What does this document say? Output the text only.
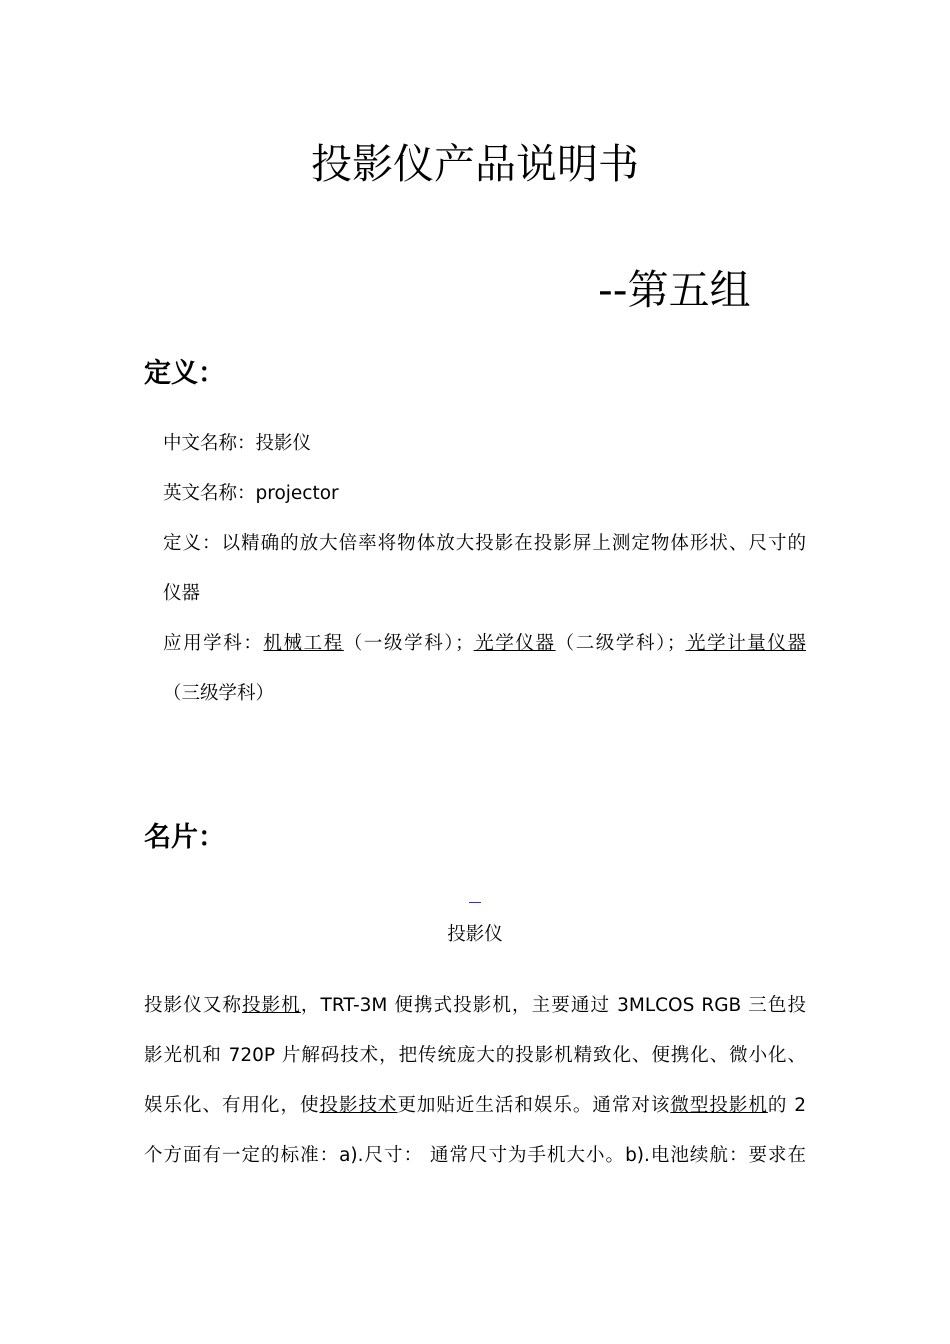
投影仪产品说明书
--第五组
定义：
中文名称：投影仪
英文名称：projector
定义：以精确的放大倍率将物体放大投影在投影屏上测定物体形状、尺寸的
仪器
应用学科：机械工程（一级学科）；光学仪器（二级学科）；光学计量仪器
（三级学科）
名片：
投影仪
投影仪又称投影机，TRT-3M 便携式投影机，主要通过 3MLCOS RGB 三色投
影光机和 720P 片解码技术，把传统庞大的投影机精致化、便携化、微小化、
娱乐化、有用化，使投影技术更加贴近生活和娱乐。通常对该微型投影机的 2
个方面有一定的标准：a).尺寸： 通常尺寸为手机大小。b).电池续航：要求在
